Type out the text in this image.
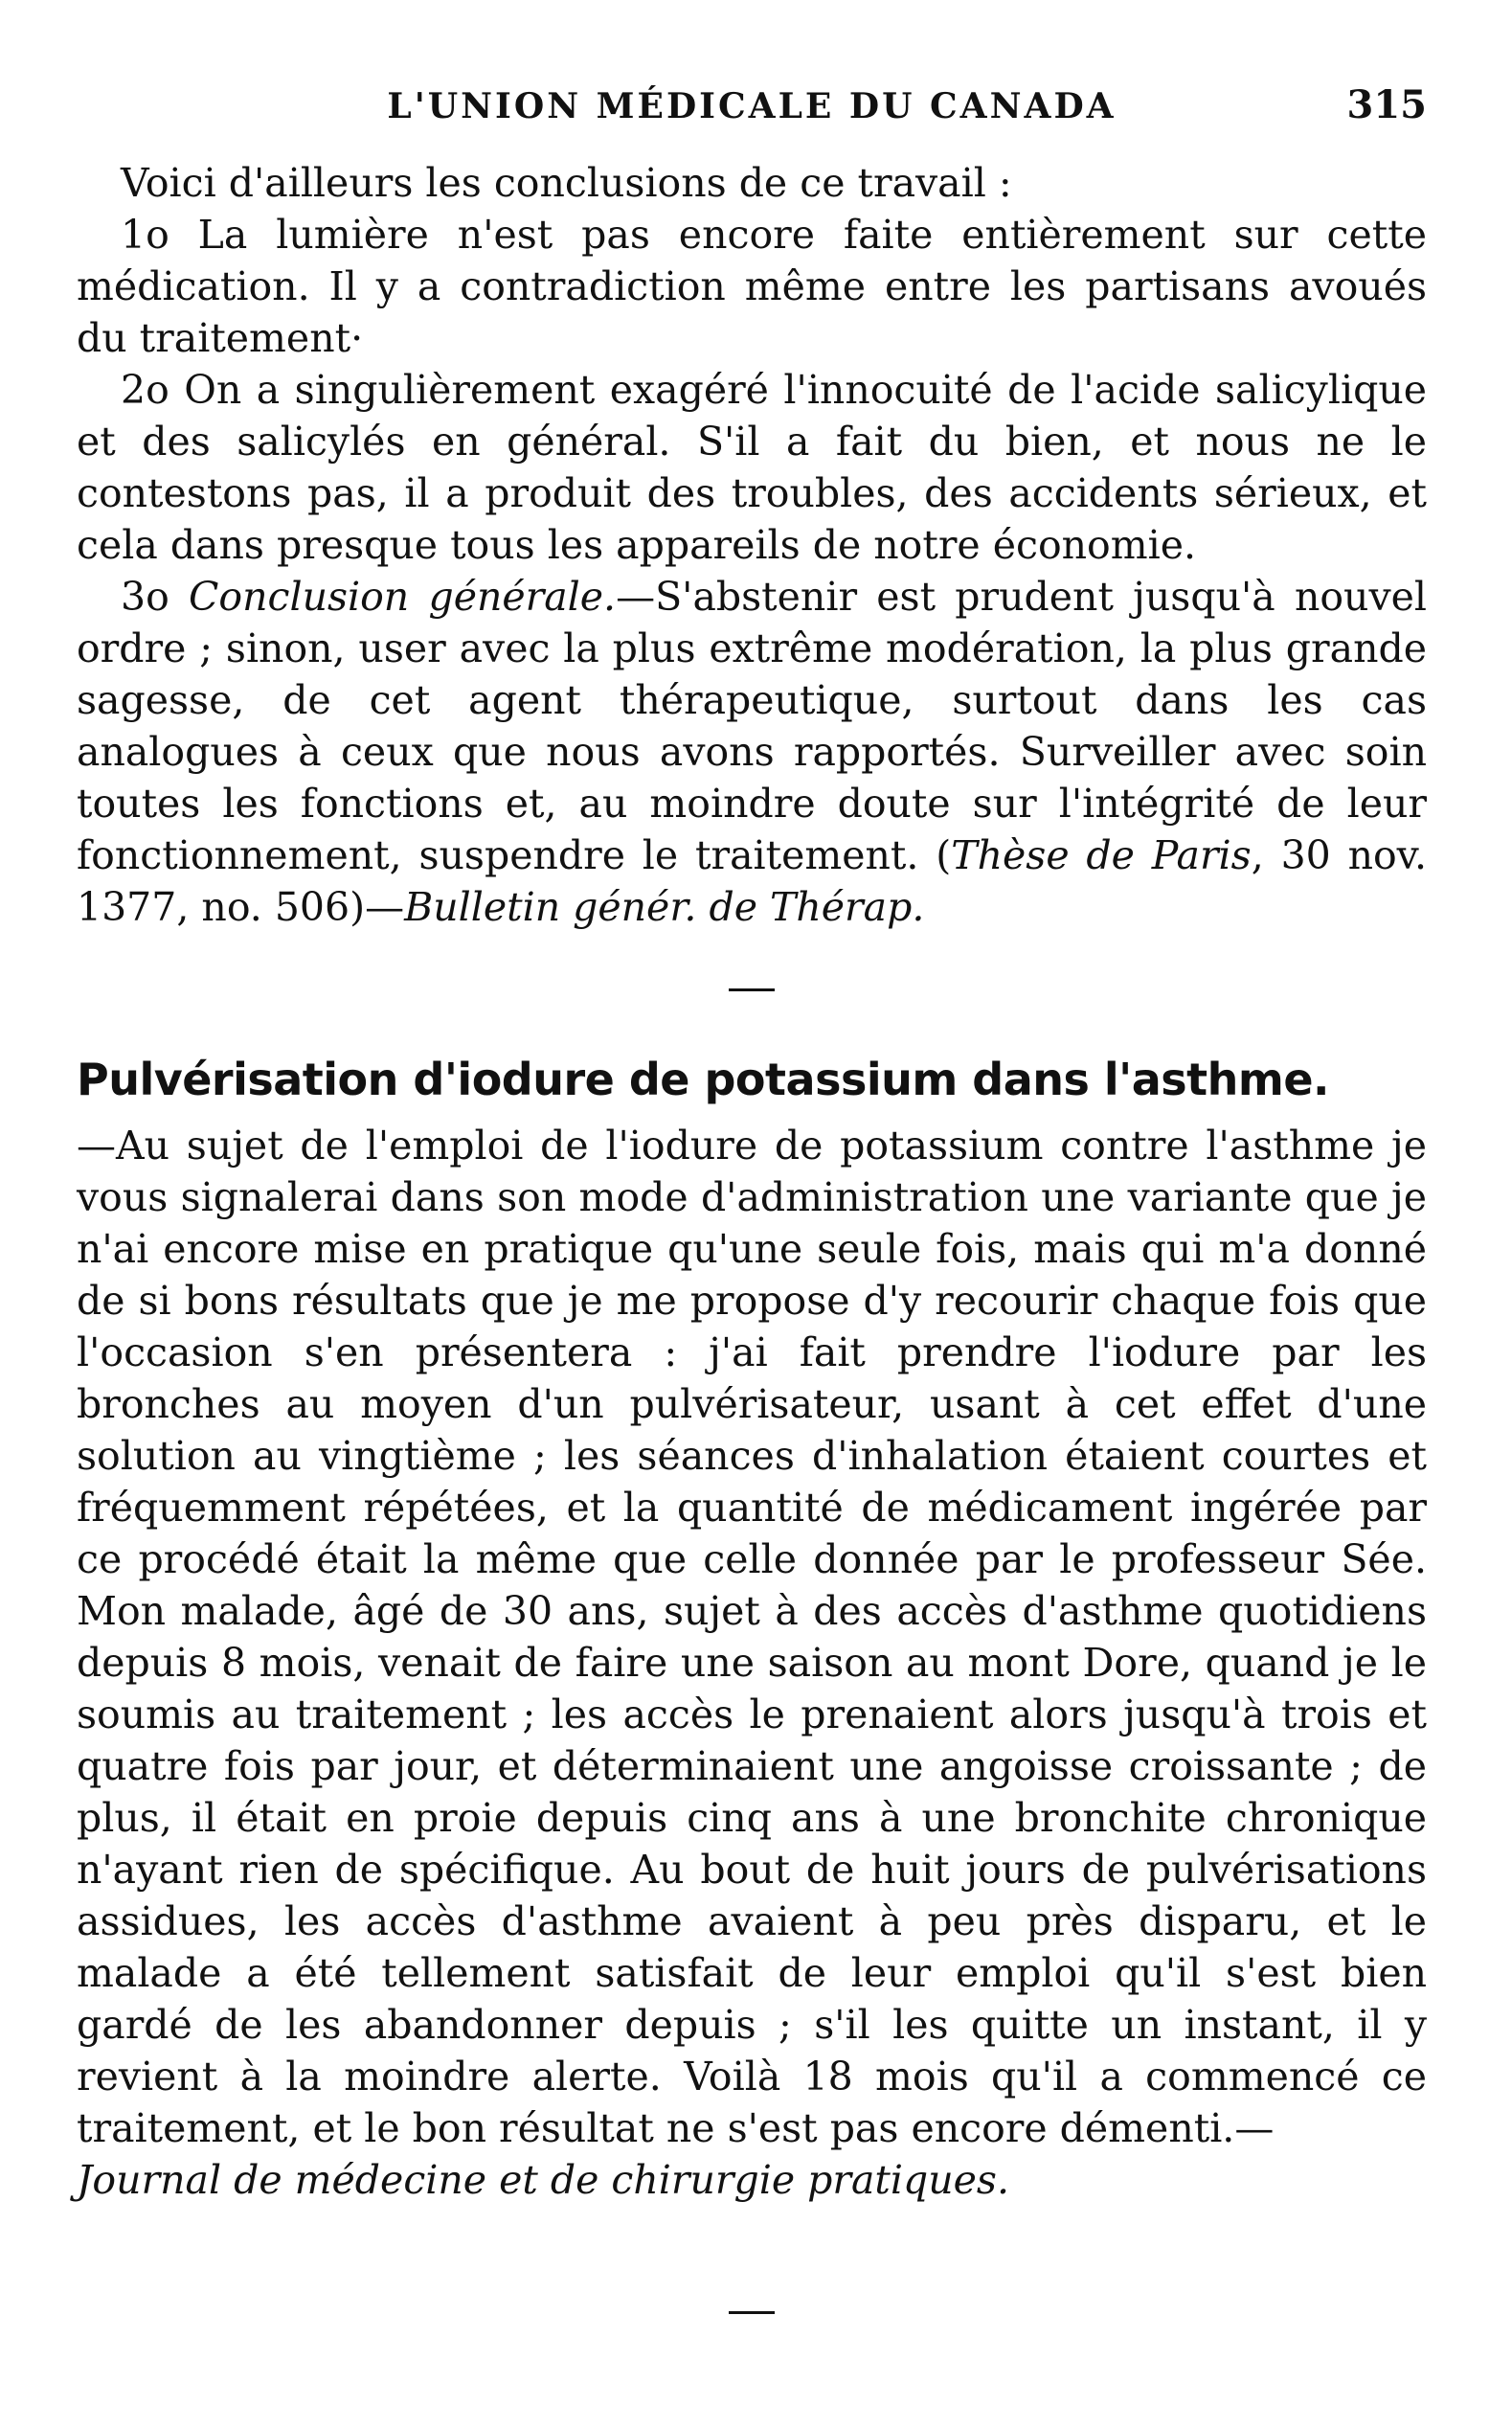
L'UNION MÉDICALE DU CANADA	315

Voici d'ailleurs les conclusions de ce travail :

1o La lumière n'est pas encore faite entièrement sur cette médication. Il y a contradiction même entre les partisans avoués du traitement·

2o On a singulièrement exagéré l'innocuité de l'acide salicylique et des salicylés en général. S'il a fait du bien, et nous ne le contestons pas, il a produit des troubles, des accidents sérieux, et cela dans presque tous les appareils de notre économie.

3o Conclusion générale.—S'abstenir est prudent jusqu'à nouvel ordre ; sinon, user avec la plus extrême modération, la plus grande sagesse, de cet agent thérapeutique, surtout dans les cas analogues à ceux que nous avons rapportés. Surveiller avec soin toutes les fonctions et, au moindre doute sur l'intégrité de leur fonctionnement, suspendre le traitement. (Thèse de Paris, 30 nov. 1377, no. 506)—Bulletin génér. de Thérap.

Pulvérisation d'iodure de potassium dans l'asthme.

—Au sujet de l'emploi de l'iodure de potassium contre l'asthme je vous signalerai dans son mode d'administration une variante que je n'ai encore mise en pratique qu'une seule fois, mais qui m'a donné de si bons résultats que je me propose d'y recourir chaque fois que l'occasion s'en présentera : j'ai fait prendre l'iodure par les bronches au moyen d'un pulvérisateur, usant à cet effet d'une solution au vingtième ; les séances d'inhalation étaient courtes et fréquemment répétées, et la quantité de médicament ingérée par ce procédé était la même que celle donnée par le professeur Sée. Mon malade, âgé de 30 ans, sujet à des accès d'asthme quotidiens depuis 8 mois, venait de faire une saison au mont Dore, quand je le soumis au traitement ; les accès le prenaient alors jusqu'à trois et quatre fois par jour, et déterminaient une angoisse croissante ; de plus, il était en proie depuis cinq ans à une bronchite chronique n'ayant rien de spécifique. Au bout de huit jours de pulvérisations assidues, les accès d'asthme avaient à peu près disparu, et le malade a été tellement satisfait de leur emploi qu'il s'est bien gardé de les abandonner depuis ; s'il les quitte un instant, il y revient à la moindre alerte. Voilà 18 mois qu'il a commencé ce traitement, et le bon résultat ne s'est pas encore démenti.—

Journal de médecine et de chirurgie pratiques.
